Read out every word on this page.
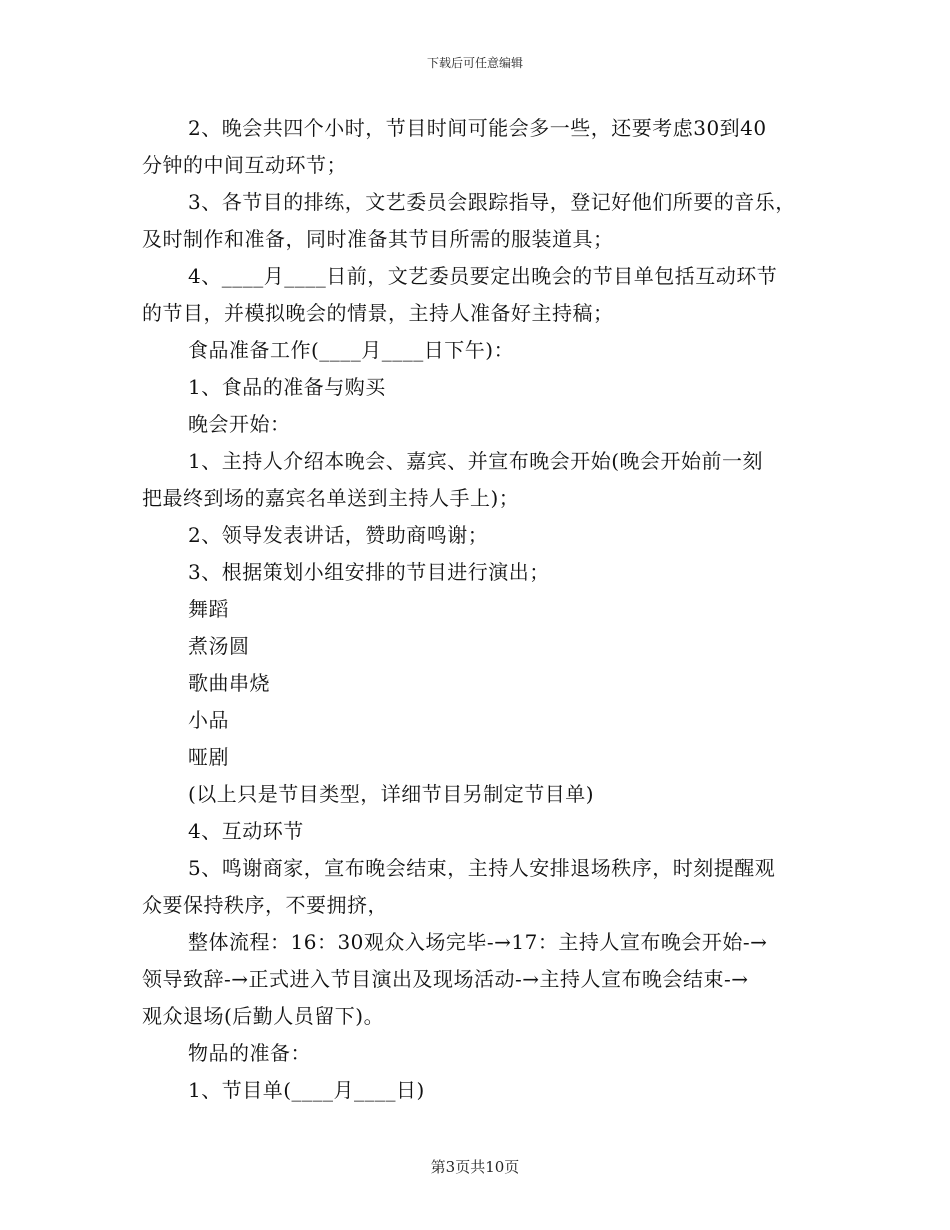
下载后可任意编辑
2、晚会共四个小时，节目时间可能会多一些，还要考虑30到40
分钟的中间互动环节；
3、各节目的排练，文艺委员会跟踪指导，登记好他们所要的音乐，
及时制作和准备，同时准备其节目所需的服装道具；
4、____月____日前，文艺委员要定出晚会的节目单包括互动环节
的节目，并模拟晚会的情景，主持人准备好主持稿；
食品准备工作(____月____日下午)：
1、食品的准备与购买
晚会开始：
1、主持人介绍本晚会、嘉宾、并宣布晚会开始(晚会开始前一刻
把最终到场的嘉宾名单送到主持人手上)；
2、领导发表讲话，赞助商鸣谢；
3、根据策划小组安排的节目进行演出；
舞蹈
煮汤圆
歌曲串烧
小品
哑剧
(以上只是节目类型，详细节目另制定节目单)
4、互动环节
5、鸣谢商家，宣布晚会结束，主持人安排退场秩序，时刻提醒观
众要保持秩序，不要拥挤，
整体流程：16：30观众入场完毕-→17：主持人宣布晚会开始-→
领导致辞-→正式进入节目演出及现场活动-→主持人宣布晚会结束-→
观众退场(后勤人员留下)。
物品的准备：
1、节目单(____月____日)
第3页共10页
